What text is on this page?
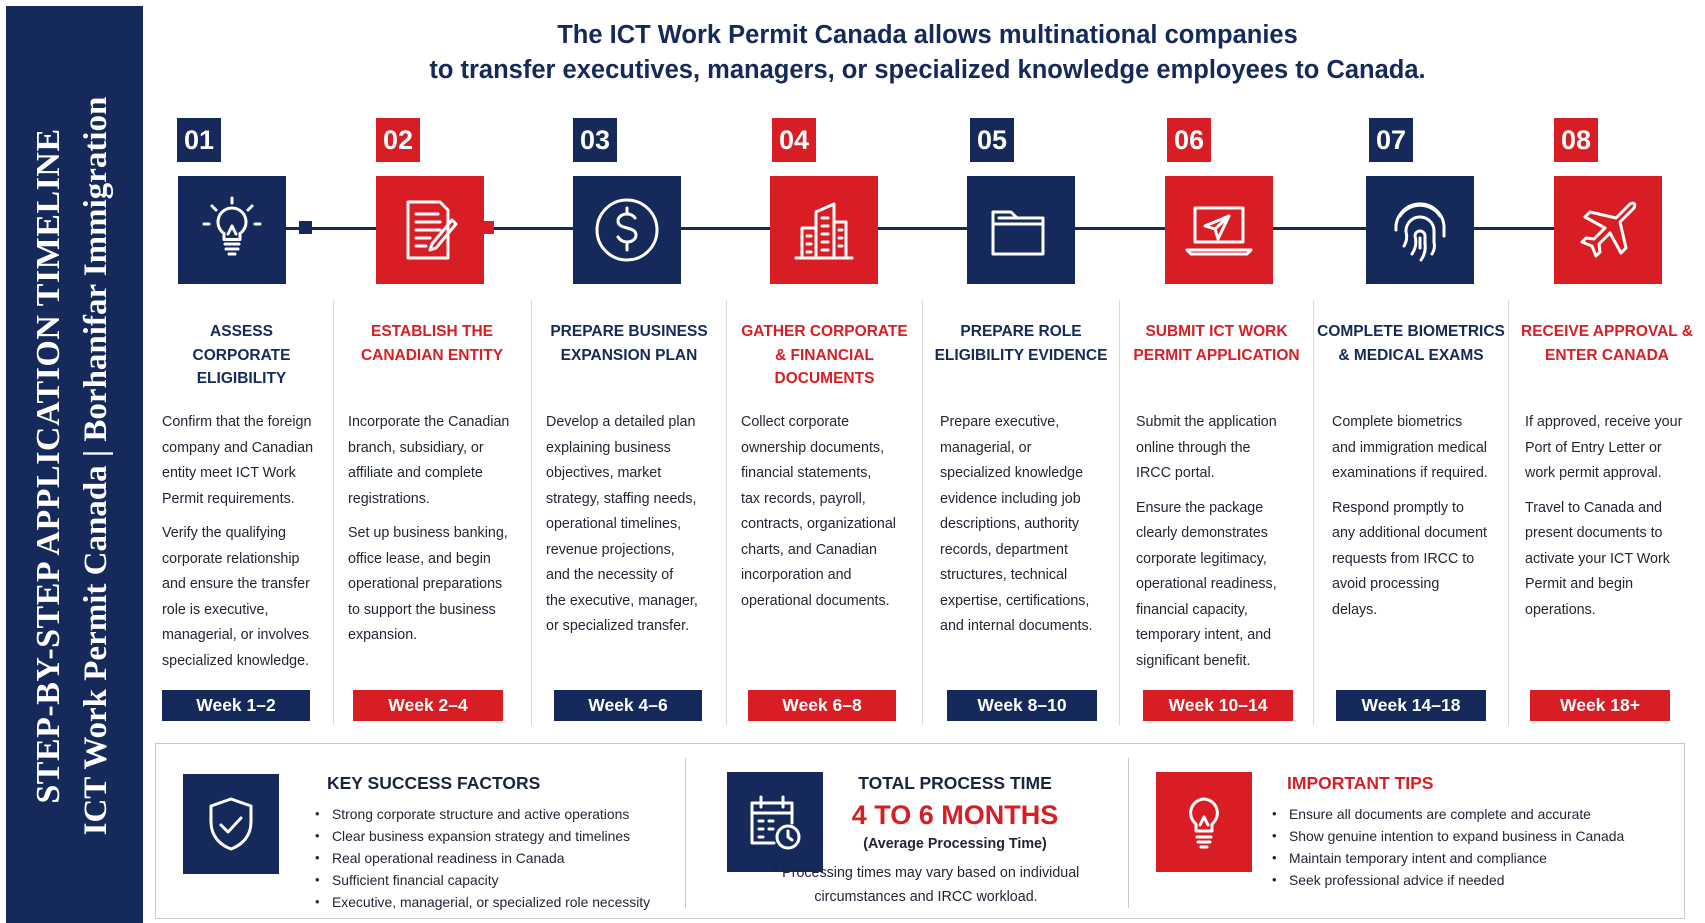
STEP-BY-STEP APPLICATION TIMELINE ICT Work Permit Canada | Borhanifar Immigration
The ICT Work Permit Canada allows multinational companies
to transfer executives, managers, or specialized knowledge employees to Canada.
01
ASSESS
CORPORATE
ELIGIBILITY

Confirm that the foreign
company and Canadian
entity meet ICT Work
Permit requirements.

Verify the qualifying
corporate relationship
and ensure the transfer
role is executive,
managerial, or involves
specialized knowledge.

Week 1–2
02
ESTABLISH THE
CANADIAN ENTITY

Incorporate the Canadian
branch, subsidiary, or
affiliate and complete
registrations.

Set up business banking,
office lease, and begin
operational preparations
to support the business
expansion.

Week 2–4
03
PREPARE BUSINESS
EXPANSION PLAN

Develop a detailed plan
explaining business
objectives, market
strategy, staffing needs,
operational timelines,
revenue projections,
and the necessity of
the executive, manager,
or specialized transfer.

Week 4–6
04
GATHER CORPORATE
& FINANCIAL
DOCUMENTS

Collect corporate
ownership documents,
financial statements,
tax records, payroll,
contracts, organizational
charts, and Canadian
incorporation and
operational documents.

Week 6–8
05
PREPARE ROLE
ELIGIBILITY EVIDENCE

Prepare executive,
managerial, or
specialized knowledge
evidence including job
descriptions, authority
records, department
structures, technical
expertise, certifications,
and internal documents.

Week 8–10
06
SUBMIT ICT WORK
PERMIT APPLICATION

Submit the application
online through the
IRCC portal.

Ensure the package
clearly demonstrates
corporate legitimacy,
operational readiness,
financial capacity,
temporary intent, and
significant benefit.

Week 10–14
07
COMPLETE BIOMETRICS
& MEDICAL EXAMS

Complete biometrics
and immigration medical
examinations if required.

Respond promptly to
any additional document
requests from IRCC to
avoid processing
delays.

Week 14–18
08
RECEIVE APPROVAL &
ENTER CANADA

If approved, receive your
Port of Entry Letter or
work permit approval.

Travel to Canada and
present documents to
activate your ICT Work
Permit and begin
operations.

Week 18+
KEY SUCCESS FACTORS
• Strong corporate structure and active operations
• Clear business expansion strategy and timelines
• Real operational readiness in Canada
• Sufficient financial capacity
• Executive, managerial, or specialized role necessity
TOTAL PROCESS TIME
4 TO 6 MONTHS
(Average Processing Time)
* Processing times may vary based on individual
circumstances and IRCC workload.
IMPORTANT TIPS
• Ensure all documents are complete and accurate
• Show genuine intention to expand business in Canada
• Maintain temporary intent and compliance
• Seek professional advice if needed
